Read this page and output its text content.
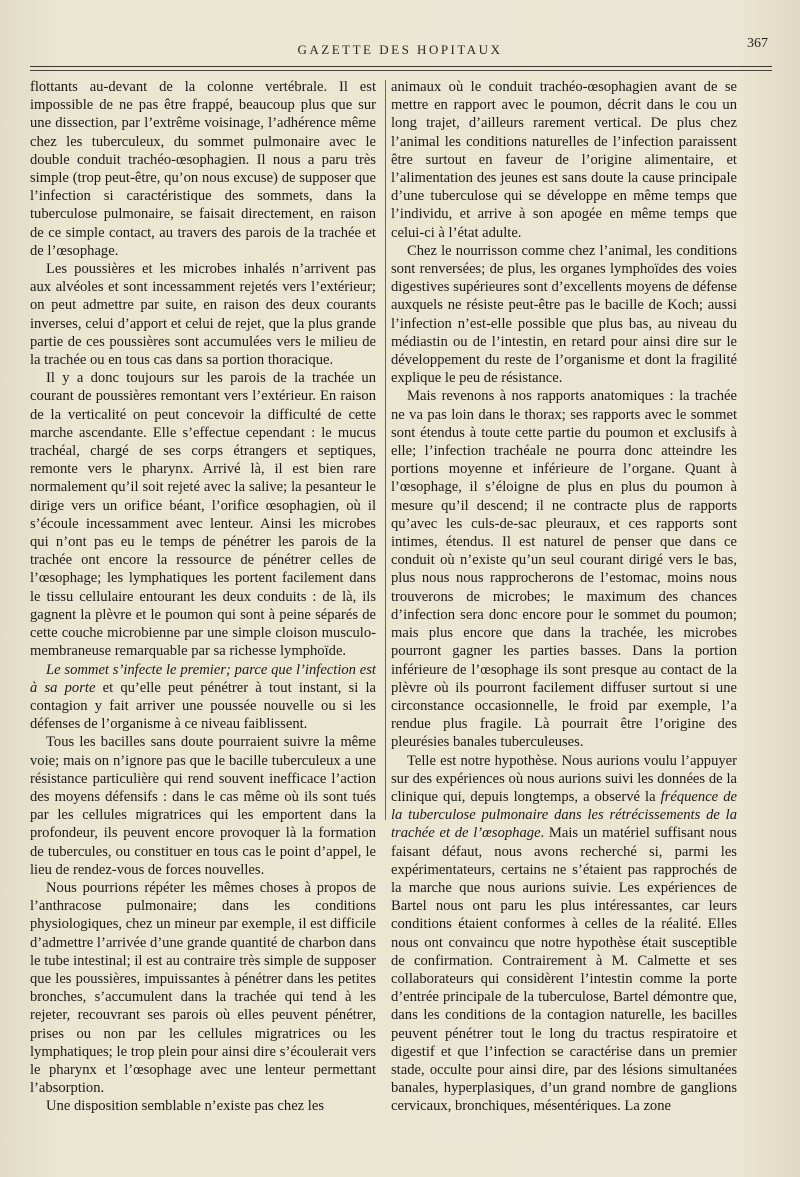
GAZETTE DES HOPITAUX	367

flottants au-devant de la colonne vertébrale. Il est impossible de ne pas être frappé, beaucoup plus que sur une dissection, par l’extrême voisinage, l’adhérence même chez les tuberculeux, du sommet pulmonaire avec le double conduit trachéo-œsophagien. Il nous a paru très simple (trop peut-être, qu’on nous excuse) de supposer que l’infection si caractéristique des sommets, dans la tuberculose pulmonaire, se faisait directement, en raison de ce simple contact, au travers des parois de la trachée et de l’œsophage.

Les poussières et les microbes inhalés n’arrivent pas aux alvéoles et sont incessamment rejetés vers l’extérieur; on peut admettre par suite, en raison des deux courants inverses, celui d’apport et celui de rejet, que la plus grande partie de ces poussières sont accumulées vers le milieu de la trachée ou en tous cas dans sa portion thoracique.

Il y a donc toujours sur les parois de la trachée un courant de poussières remontant vers l’extérieur. En raison de la verticalité on peut concevoir la difficulté de cette marche ascendante. Elle s’effectue cependant : le mucus trachéal, chargé de ses corps étrangers et septiques, remonte vers le pharynx. Arrivé là, il est bien rare normalement qu’il soit rejeté avec la salive; la pesanteur le dirige vers un orifice béant, l’orifice œsophagien, où il s’écoule incessamment avec lenteur. Ainsi les microbes qui n’ont pas eu le temps de pénétrer les parois de la trachée ont encore la ressource de pénétrer celles de l’œsophage; les lymphatiques les portent facilement dans le tissu cellulaire entourant les deux conduits : de là, ils gagnent la plèvre et le poumon qui sont à peine séparés de cette couche microbienne par une simple cloison musculo-membraneuse remarquable par sa richesse lymphoïde.

Le sommet s’infecte le premier; parce que l’infection est à sa porte et qu’elle peut pénétrer à tout instant, si la contagion y fait arriver une poussée nouvelle ou si les défenses de l’organisme à ce niveau faiblissent.

Tous les bacilles sans doute pourraient suivre la même voie; mais on n’ignore pas que le bacille tuberculeux a une résistance particulière qui rend souvent inefficace l’action des moyens défensifs : dans le cas même où ils sont tués par les cellules migratrices qui les emportent dans la profondeur, ils peuvent encore provoquer là la formation de tubercules, ou constituer en tous cas le point d’appel, le lieu de rendez-vous de forces nouvelles.

Nous pourrions répéter les mêmes choses à propos de l’anthracose pulmonaire; dans les conditions physiologiques, chez un mineur par exemple, il est difficile d’admettre l’arrivée d’une grande quantité de charbon dans le tube intestinal; il est au contraire très simple de supposer que les poussières, impuissantes à pénétrer dans les petites bronches, s’accumulent dans la trachée qui tend à les rejeter, recouvrant ses parois où elles peuvent pénétrer, prises ou non par les cellules migratrices ou les lymphatiques; le trop plein pour ainsi dire s’écoulerait vers le pharynx et l’œsophage avec une lenteur permettant l’absorption.

Une disposition semblable n’existe pas chez les

animaux où le conduit trachéo-œsophagien avant de se mettre en rapport avec le poumon, décrit dans le cou un long trajet, d’ailleurs rarement vertical. De plus chez l’animal les conditions naturelles de l’infection paraissent être surtout en faveur de l’origine alimentaire, et l’alimentation des jeunes est sans doute la cause principale d’une tuberculose qui se développe en même temps que l’individu, et arrive à son apogée en même temps que celui-ci à l’état adulte.

Chez le nourrisson comme chez l’animal, les conditions sont renversées; de plus, les organes lymphoïdes des voies digestives supérieures sont d’excellents moyens de défense auxquels ne résiste peut-être pas le bacille de Koch; aussi l’infection n’est-elle possible que plus bas, au niveau du médiastin ou de l’intestin, en retard pour ainsi dire sur le développement du reste de l’organisme et dont la fragilité explique le peu de résistance.

Mais revenons à nos rapports anatomiques : la trachée ne va pas loin dans le thorax; ses rapports avec le sommet sont étendus à toute cette partie du poumon et exclusifs à elle; l’infection trachéale ne pourra donc atteindre les portions moyenne et inférieure de l’organe. Quant à l’œsophage, il s’éloigne de plus en plus du poumon à mesure qu’il descend; il ne contracte plus de rapports qu’avec les culs-de-sac pleuraux, et ces rapports sont intimes, étendus. Il est naturel de penser que dans ce conduit où n’existe qu’un seul courant dirigé vers le bas, plus nous nous rapprocherons de l’estomac, moins nous trouverons de microbes; le maximum des chances d’infection sera donc encore pour le sommet du poumon; mais plus encore que dans la trachée, les microbes pourront gagner les parties basses. Dans la portion inférieure de l’œsophage ils sont presque au contact de la plèvre où ils pourront facilement diffuser surtout si une circonstance occasionnelle, le froid par exemple, l’a rendue plus fragile. Là pourrait être l’origine des pleurésies banales tuberculeuses.

Telle est notre hypothèse. Nous aurions voulu l’appuyer sur des expériences où nous aurions suivi les données de la clinique qui, depuis longtemps, a observé la fréquence de la tuberculose pulmonaire dans les rétrécissements de la trachée et de l’œsophage. Mais un matériel suffisant nous faisant défaut, nous avons recherché si, parmi les expérimentateurs, certains ne s’étaient pas rapprochés de la marche que nous aurions suivie. Les expériences de Bartel nous ont paru les plus intéressantes, car leurs conditions étaient conformes à celles de la réalité. Elles nous ont convaincu que notre hypothèse était susceptible de confirmation. Contrairement à M. Calmette et ses collaborateurs qui considèrent l’intestin comme la porte d’entrée principale de la tuberculose, Bartel démontre que, dans les conditions de la contagion naturelle, les bacilles peuvent pénétrer tout le long du tractus respiratoire et digestif et que l’infection se caractérise dans un premier stade, occulte pour ainsi dire, par des lésions simultanées banales, hyperplasiques, d’un grand nombre de ganglions cervicaux, bronchiques, mésentériques. La zone
